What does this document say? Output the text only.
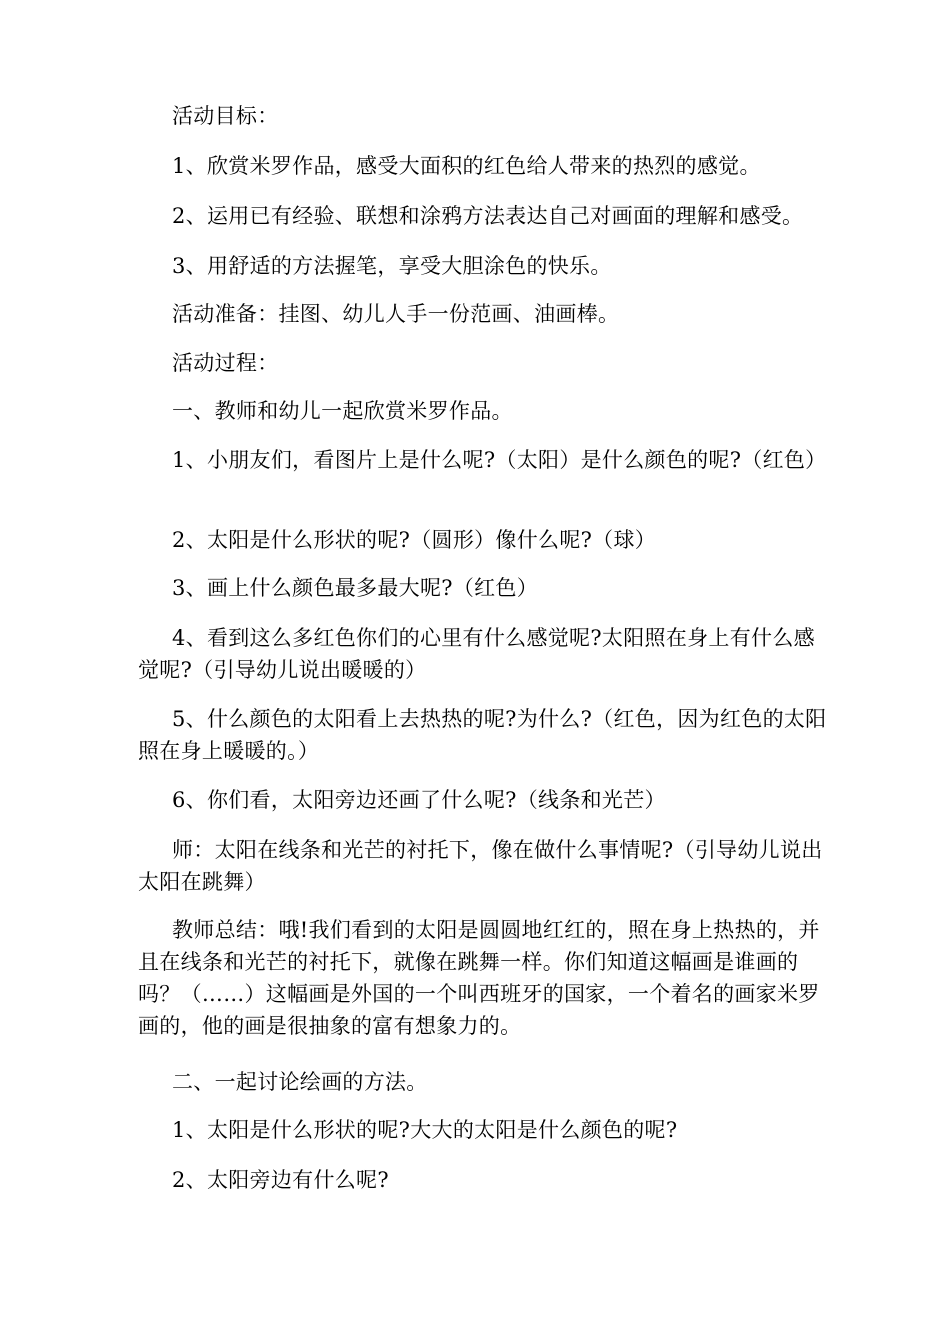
活动目标：

1、欣赏米罗作品，感受大面积的红色给人带来的热烈的感觉。

2、运用已有经验、联想和涂鸦方法表达自己对画面的理解和感受。

3、用舒适的方法握笔，享受大胆涂色的快乐。

活动准备：挂图、幼儿人手一份范画、油画棒。

活动过程：

一、教师和幼儿一起欣赏米罗作品。

1、小朋友们，看图片上是什么呢?（太阳）是什么颜色的呢?（红色）

2、太阳是什么形状的呢?（圆形）像什么呢?（球）

3、画上什么颜色最多最大呢?（红色）

4、看到这么多红色你们的心里有什么感觉呢?太阳照在身上有什么感觉呢?（引导幼儿说出暖暖的）

5、什么颜色的太阳看上去热热的呢?为什么?（红色，因为红色的太阳照在身上暖暖的。）

6、你们看，太阳旁边还画了什么呢?（线条和光芒）

师：太阳在线条和光芒的衬托下，像在做什么事情呢?（引导幼儿说出太阳在跳舞）

教师总结：哦!我们看到的太阳是圆圆地红红的，照在身上热热的，并且在线条和光芒的衬托下，就像在跳舞一样。你们知道这幅画是谁画的吗？（……）这幅画是外国的一个叫西班牙的国家，一个着名的画家米罗画的，他的画是很抽象的富有想象力的。

二、一起讨论绘画的方法。

1、太阳是什么形状的呢?大大的太阳是什么颜色的呢?

2、太阳旁边有什么呢?
